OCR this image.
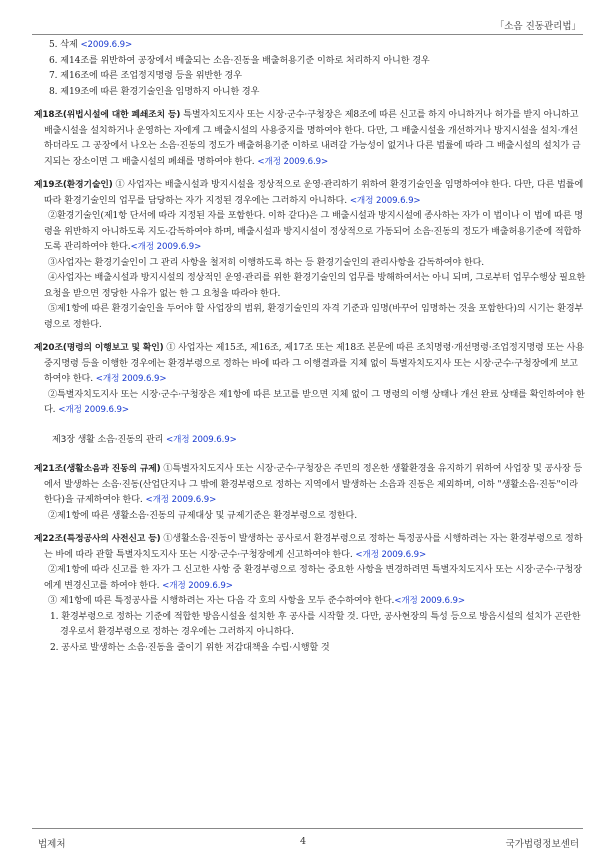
「소음 진동관리법」

5. 삭제 <2009.6.9>

6. 제14조를 위반하여 공장에서 배출되는 소음·진동을 배출허용기준 이하로 처리하지 아니한 경우

7. 제16조에 따른 조업정지명령 등을 위반한 경우

8. 제19조에 따른 환경기술인을 임명하지 아니한 경우

제18조(위법시설에 대한 폐쇄조치 등) 특별자치도지사 또는 시장·군수·구청장은 제8조에 따른 신고를 하지 아니하거나 허가를 받지 아니하고 배출시설을 설치하거나 운영하는 자에게 그 배출시설의 사용중지를 명하여야 한다. 다만, 그 배출시설을 개선하거나 방지시설을 설치·개선하더라도 그 공장에서 나오는 소음·진동의 정도가 배출허용기준 이하로 내려갈 가능성이 없거나 다른 법률에 따라 그 배출시설의 설치가 금지되는 장소이면 그 배출시설의 폐쇄를 명하여야 한다. <개정 2009.6.9>

제19조(환경기술인) ① 사업자는 배출시설과 방지시설을 정상적으로 운영·관리하기 위하여 환경기술인을 임명하여야 한다. 다만, 다른 법률에 따라 환경기술인의 업무를 담당하는 자가 지정된 경우에는 그러하지 아니하다. <개정 2009.6.9>

②환경기술인(제1항 단서에 따라 지정된 자를 포함한다. 이하 같다)은 그 배출시설과 방지시설에 종사하는 자가 이 법이나 이 법에 따른 명령을 위반하지 아니하도록 지도·감독하여야 하며, 배출시설과 방지시설이 정상적으로 가동되어 소음·진동의 정도가 배출허용기준에 적합하도록 관리하여야 한다.<개정 2009.6.9>

③사업자는 환경기술인이 그 관리 사항을 철저히 이행하도록 하는 등 환경기술인의 관리사항을 감독하여야 한다.

④사업자는 배출시설과 방지시설의 정상적인 운영·관리를 위한 환경기술인의 업무를 방해하여서는 아니 되며, 그로부터 업무수행상 필요한 요청을 받으면 정당한 사유가 없는 한 그 요청을 따라야 한다.

⑤제1항에 따른 환경기술인을 두어야 할 사업장의 범위, 환경기술인의 자격 기준과 임명(바꾸어 임명하는 것을 포함한다)의 시기는 환경부령으로 정한다.

제20조(명령의 이행보고 및 확인) ① 사업자는 제15조, 제16조, 제17조 또는 제18조 본문에 따른 조치명령·개선명령·조업정지명령 또는 사용중지명령 등을 이행한 경우에는 환경부령으로 정하는 바에 따라 그 이행결과를 지체 없이 특별자치도지사 또는 시장·군수·구청장에게 보고하여야 한다. <개정 2009.6.9>

②특별자치도지사 또는 시장·군수·구청장은 제1항에 따른 보고를 받으면 지체 없이 그 명령의 이행 상태나 개선 완료 상태를 확인하여야 한다. <개정 2009.6.9>

제3장 생활 소음·진동의 관리 <개정 2009.6.9>

제21조(생활소음과 진동의 규제) ①특별자치도지사 또는 시장·군수·구청장은 주민의 정온한 생활환경을 유지하기 위하여 사업장 및 공사장 등에서 발생하는 소음·진동(산업단지나 그 밖에 환경부령으로 정하는 지역에서 발생하는 소음과 진동은 제외하며, 이하 "생활소음·진동"이라 한다)을 규제하여야 한다. <개정 2009.6.9>

②제1항에 따른 생활소음·진동의 규제대상 및 규제기준은 환경부령으로 정한다.

제22조(특정공사의 사전신고 등) ①생활소음·진동이 발생하는 공사로서 환경부령으로 정하는 특정공사를 시행하려는 자는 환경부령으로 정하는 바에 따라 관할 특별자치도지사 또는 시장·군수·구청장에게 신고하여야 한다. <개정 2009.6.9>

②제1항에 따라 신고를 한 자가 그 신고한 사항 중 환경부령으로 정하는 중요한 사항을 변경하려면 특별자치도지사 또는 시장·군수·구청장에게 변경신고를 하여야 한다. <개정 2009.6.9>

③ 제1항에 따른 특정공사를 시행하려는 자는 다음 각 호의 사항을 모두 준수하여야 한다.<개정 2009.6.9>

1. 환경부령으로 정하는 기준에 적합한 방음시설을 설치한 후 공사를 시작할 것. 다만, 공사현장의 특성 등으로 방음시설의 설치가 곤란한 경우로서 환경부령으로 정하는 경우에는 그러하지 아니하다.

2. 공사로 발생하는 소음·진동을 줄이기 위한 저감대책을 수립·시행할 것

법제처	4	국가법령정보센터
